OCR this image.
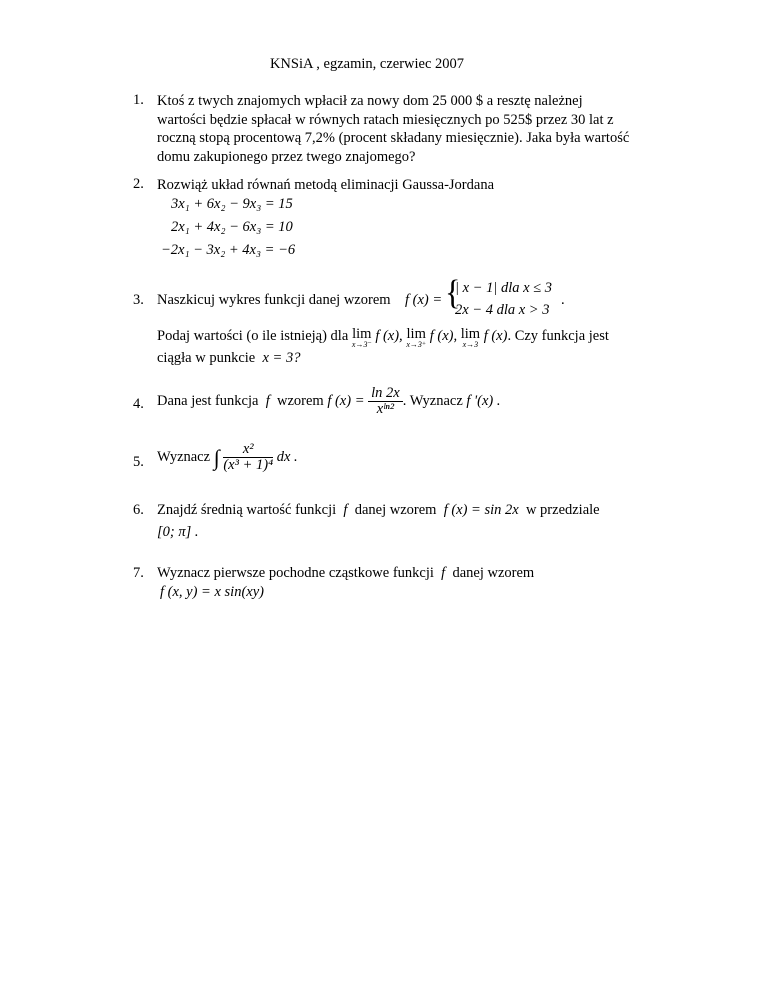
KNSiA , egzamin, czerwiec 2007
1. Ktoś z twych znajomych wpłacił za nowy dom 25 000 $ a resztę należnej
wartości będzie spłacał w równych ratach miesięcznych po 525$ przez 30 lat z
roczną stopą procentową 7,2% (procent składany miesięcznie). Jaka była wartość
domu zakupionego przez twego znajomego?
2. Rozwiąż układ równań metodą eliminacji Gaussa-Jordana
3x₁ + 6x₂ − 9x₃ = 15
2x₁ + 4x₂ − 6x₃ = 10
−2x₁ − 3x₂ + 4x₃ = −6
3. Naszkicuj wykres funkcji danej wzorem f (x) = {
| x − 1| dla x ≤ 3
2x − 4 dla x > 3
.
Podaj wartości (o ile istnieją) dla lim
x→3⁻
f (x), lim
x→3⁺
f (x), lim
x→3
f (x). Czy funkcja jest
ciągła w punkcie x = 3?
4. Dana jest funkcja f wzorem f $(x) = \frac{\ln 2x}{\text{xˡⁿ²}}$ . Wyznacz f '(x) .
5. Wyznacz ∫ $\frac{\text{x²}}{\text{(x³ + 1)⁴}}$ dx .
6. Znajdź średnią wartość funkcji f danej wzorem f (x) = sin 2x w przedziale
[0; π] .
7. Wyznacz pierwsze pochodne cząstkowe funkcji f danej wzorem
f (x, y) = x sin(xy)
